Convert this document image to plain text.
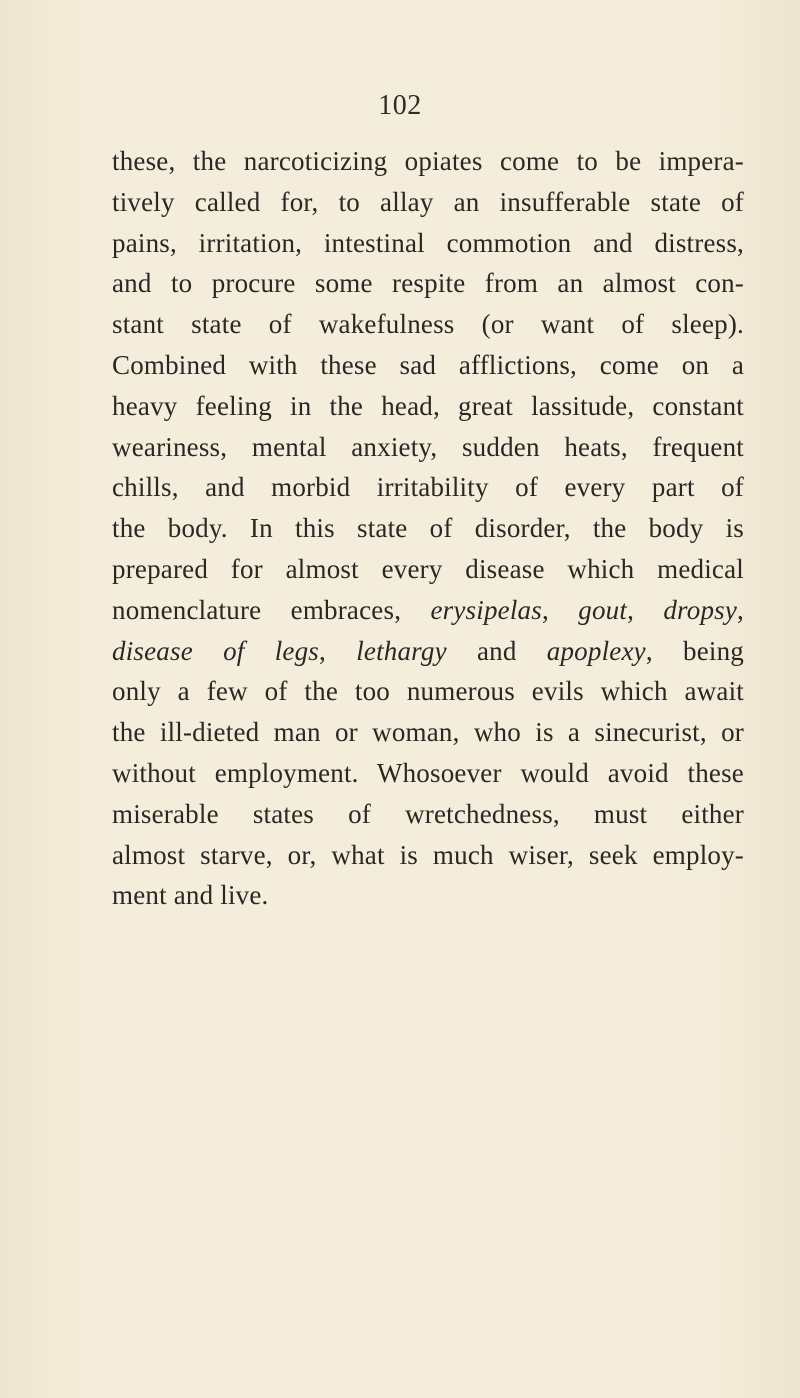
102
these, the narcoticizing opiates come to be impera-
tively called for, to allay an insufferable state of
pains, irritation, intestinal commotion and distress,
and to procure some respite from an almost con-
stant state of wakefulness (or want of sleep).
Combined with these sad afflictions, come on a
heavy feeling in the head, great lassitude, constant
weariness, mental anxiety, sudden heats, frequent
chills, and morbid irritability of every part of
the body. In this state of disorder, the body is
prepared for almost every disease which medical
nomenclature embraces, erysipelas, gout, dropsy,
disease of legs, lethargy and apoplexy, being
only a few of the too numerous evils which await
the ill-dieted man or woman, who is a sinecurist, or
without employment. Whosoever would avoid these
miserable states of wretchedness, must either
almost starve, or, what is much wiser, seek employ-
ment and live.
